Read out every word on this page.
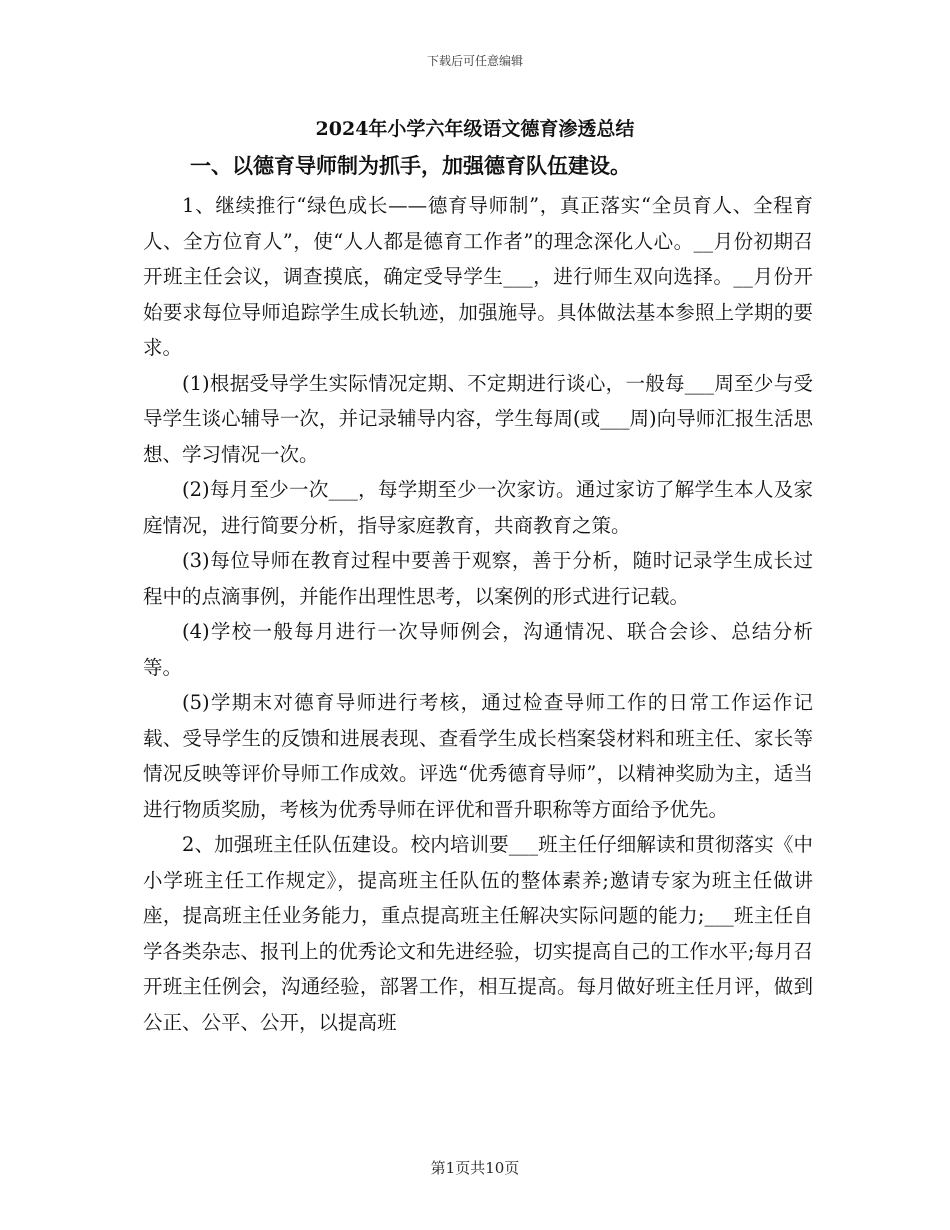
下载后可任意编辑
2024年小学六年级语文德育渗透总结
一、以德育导师制为抓手，加强德育队伍建设。

1、继续推行“绿色成长——德育导师制”，真正落实“全员育人、全程育人、全方位育人”，使“人人都是德育工作者”的理念深化人心。__月份初期召开班主任会议，调查摸底，确定受导学生___，进行师生双向选择。__月份开始要求每位导师追踪学生成长轨迹，加强施导。具体做法基本参照上学期的要求。

(1)根据受导学生实际情况定期、不定期进行谈心，一般每___周至少与受导学生谈心辅导一次，并记录辅导内容，学生每周(或___周)向导师汇报生活思想、学习情况一次。

(2)每月至少一次___，每学期至少一次家访。通过家访了解学生本人及家庭情况，进行简要分析，指导家庭教育，共商教育之策。

(3)每位导师在教育过程中要善于观察，善于分析，随时记录学生成长过程中的点滴事例，并能作出理性思考，以案例的形式进行记载。

(4)学校一般每月进行一次导师例会，沟通情况、联合会诊、总结分析等。

(5)学期末对德育导师进行考核，通过检查导师工作的日常工作运作记载、受导学生的反馈和进展表现、查看学生成长档案袋材料和班主任、家长等情况反映等评价导师工作成效。评选“优秀德育导师”，以精神奖励为主，适当进行物质奖励，考核为优秀导师在评优和晋升职称等方面给予优先。

2、加强班主任队伍建设。校内培训要___班主任仔细解读和贯彻落实《中小学班主任工作规定》，提高班主任队伍的整体素养;邀请专家为班主任做讲座，提高班主任业务能力，重点提高班主任解决实际问题的能力;___班主任自学各类杂志、报刊上的优秀论文和先进经验，切实提高自己的工作水平;每月召开班主任例会，沟通经验，部署工作，相互提高。每月做好班主任月评，做到公正、公平、公开，以提高班

第1页共10页
